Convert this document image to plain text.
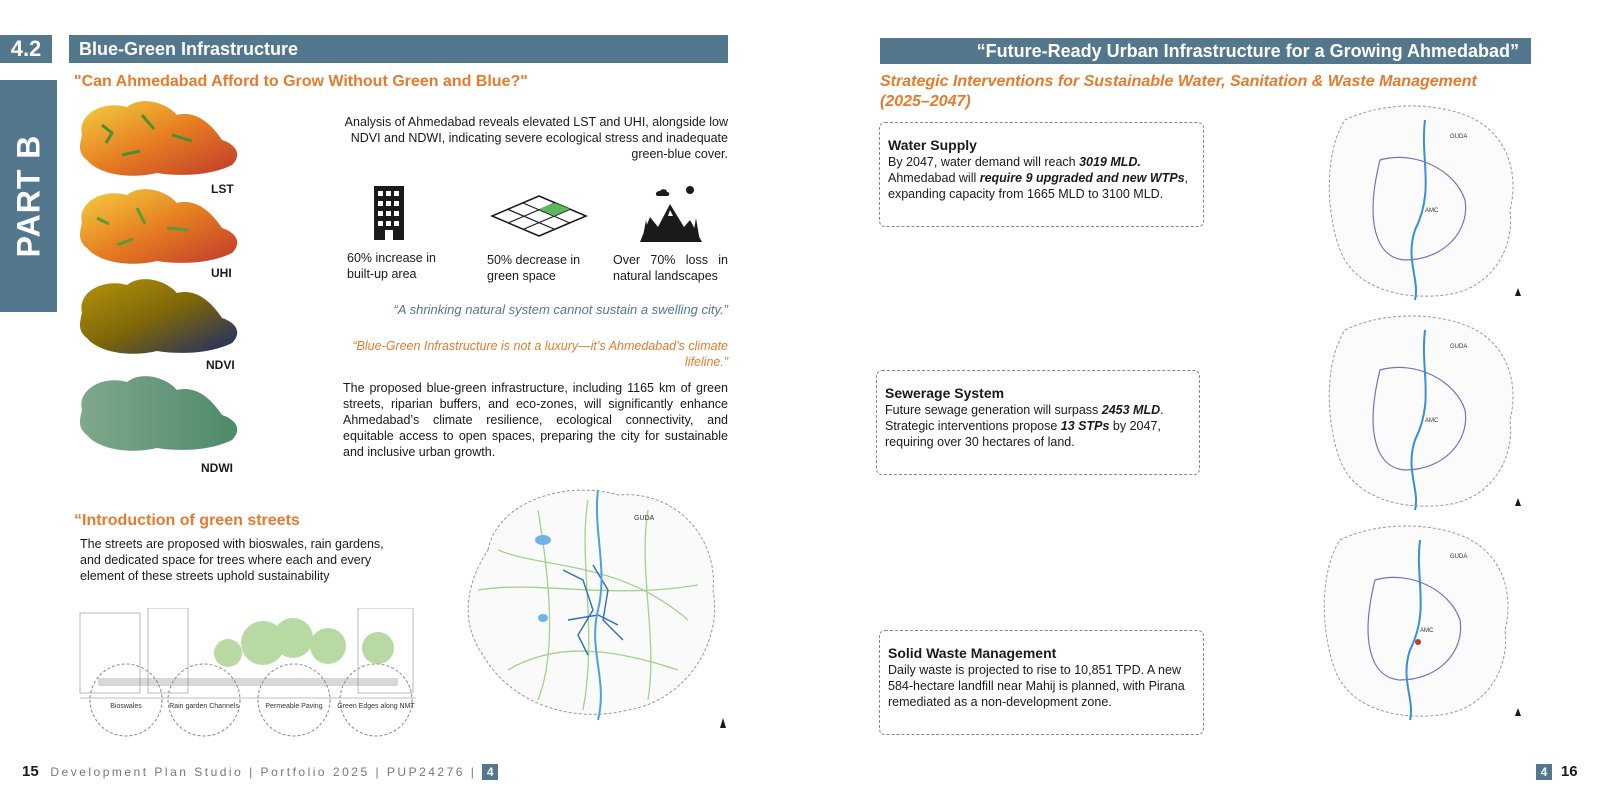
4.2	Blue-Green Infrastructure
PART B
"Can Ahmedabad Afford to Grow Without Green and Blue?"
LST
UHI
NDVI
NDWI
Analysis of Ahmedabad reveals elevated LST and UHI, alongside low NDVI and NDWI, indicating severe ecological stress and inadequate green-blue cover.
60% increase in built-up area
50% decrease in green space
Over 70% loss in natural landscapes
“A shrinking natural system cannot sustain a swelling city.”
“Blue-Green Infrastructure is not a luxury—it’s Ahmedabad’s climate lifeline.”
The proposed blue-green infrastructure, including 1165 km of green streets, riparian buffers, and eco-zones, will significantly enhance Ahmedabad’s climate resilience, ecological connectivity, and equitable access to open spaces, preparing the city for sustainable and inclusive urban growth.
GUDA
“Introduction of green streets
The streets are proposed with bioswales, rain gardens, and dedicated space for trees where each and every element of these streets uphold sustainability
Bioswales	Rain garden Channels	Permeable Paving Green Edges along NMT
15 Development Plan Studio | Portfolio 2025 | PUP24276 | 4
“Future-Ready Urban Infrastructure for a Growing Ahmedabad”
Strategic Interventions for Sustainable Water, Sanitation & Waste Management (2025–2047)
GUDA
AMC
GUDA
AMC
GUDA
AMC
Water Supply
By 2047, water demand will reach 3019 MLD.
Ahmedabad will require 9 upgraded and new WTPs,
expanding capacity from 1665 MLD to 3100 MLD.
Sewerage System
Future sewage generation will surpass 2453 MLD.
Strategic interventions propose 13 STPs by 2047,
requiring over 30 hectares of land.
Solid Waste Management
Daily waste is projected to rise to 10,851 TPD. A new 584-hectare landfill near Mahij is planned, with Pirana remediated as a non-development zone.
4 16
